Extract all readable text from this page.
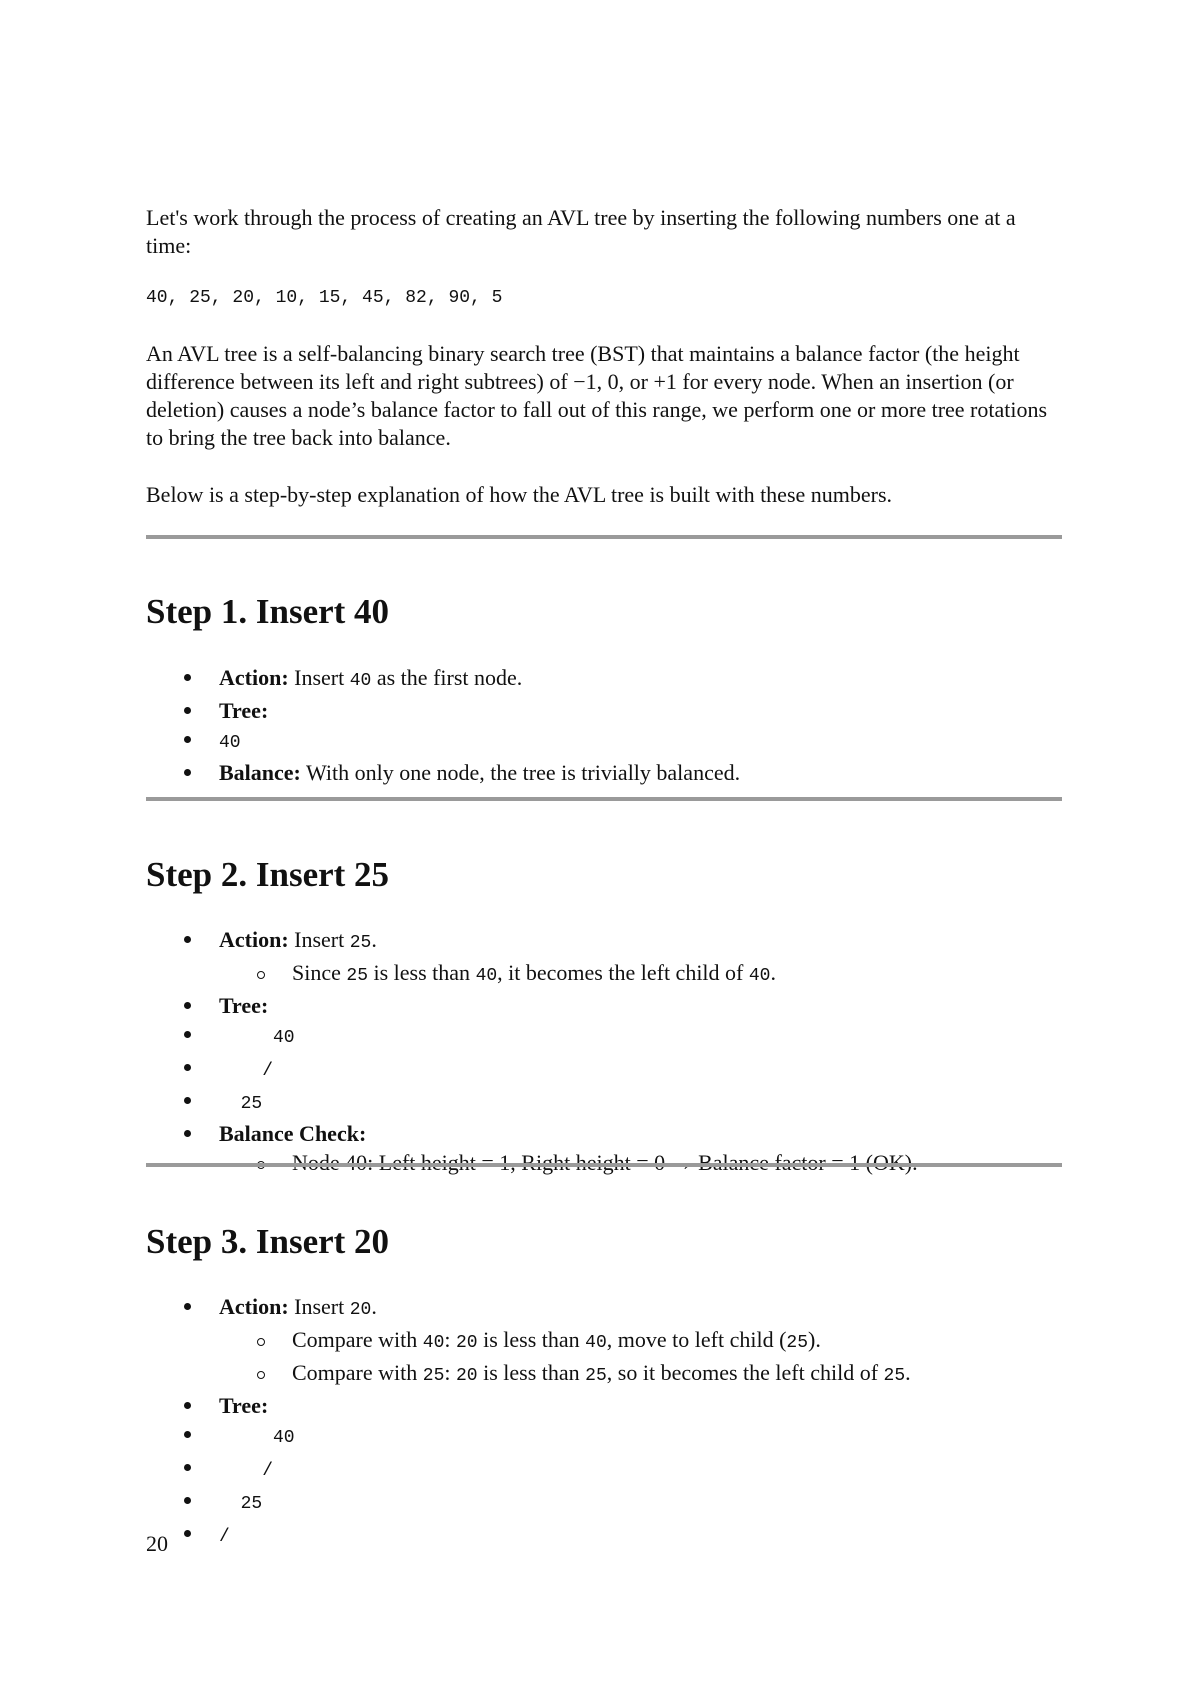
Let's work through the process of creating an AVL tree by inserting the following numbers one at a time:

40, 25, 20, 10, 15, 45, 82, 90, 5

An AVL tree is a self-balancing binary search tree (BST) that maintains a balance factor (the height difference between its left and right subtrees) of −1, 0, or +1 for every node. When an insertion (or deletion) causes a node’s balance factor to fall out of this range, we perform one or more tree rotations to bring the tree back into balance.

Below is a step-by-step explanation of how the AVL tree is built with these numbers.

Step 1. Insert 40
Action: Insert 40 as the first node.
Tree:
40
Balance: With only one node, the tree is trivially balanced.
Step 2. Insert 25
Action: Insert 25.
Since 25 is less than 40, it becomes the left child of 40.
Tree:
40
/
25
Balance Check:
Node 40: Left height = 1, Right height = 0 → Balance factor = 1 (OK).
Step 3. Insert 20
Action: Insert 20.
Compare with 40: 20 is less than 40, move to left child (25).
Compare with 25: 20 is less than 25, so it becomes the left child of 25.
Tree:
40
/
25
/
20
